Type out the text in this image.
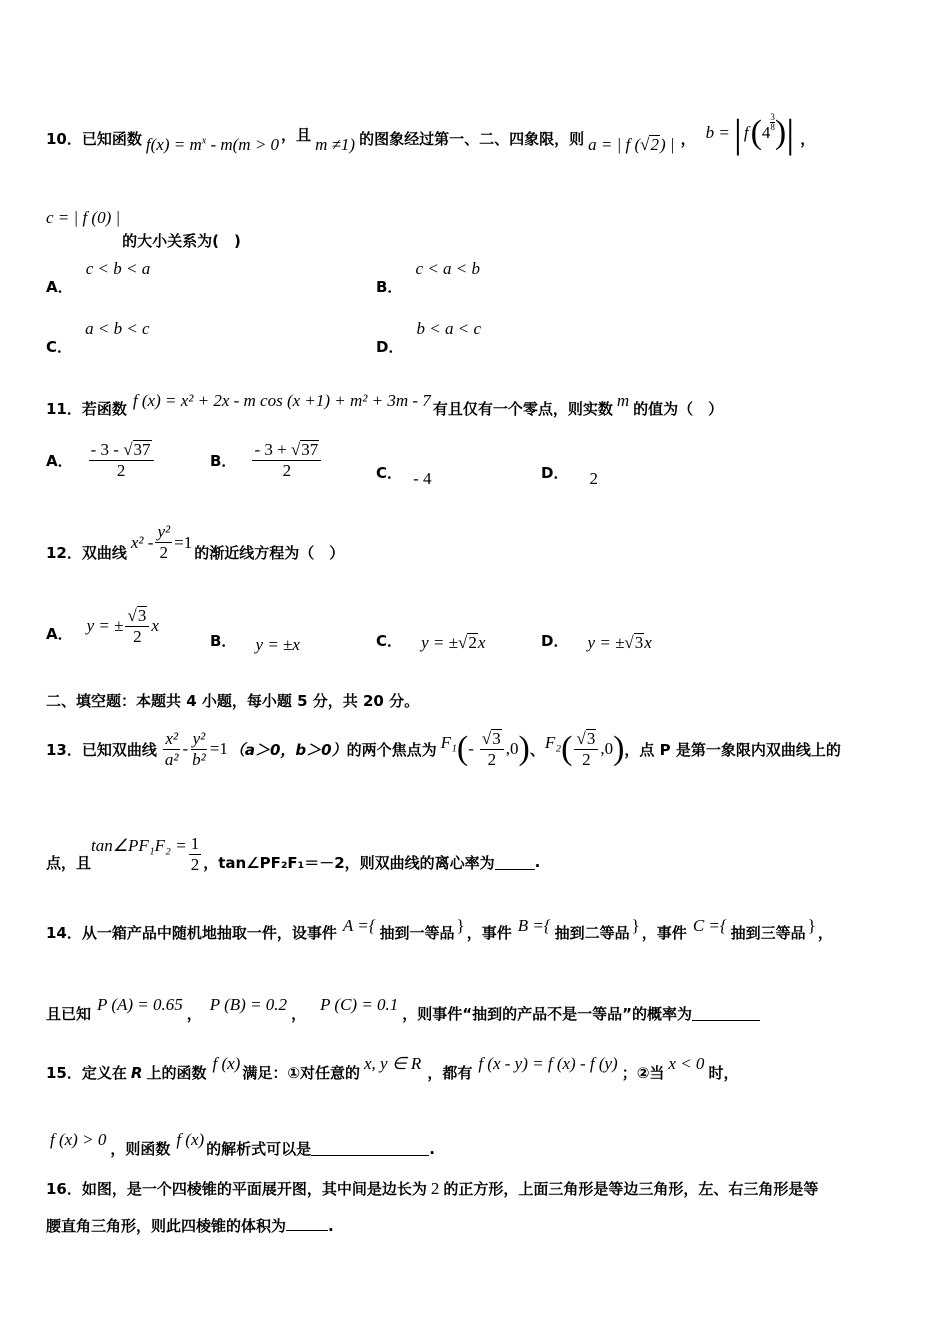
10． 已知函数 $f(x) = m^x - m(m > 0$
，且
m ≠1) 的图象经过第一、二、四象限，则 a = | f (√2) | ， b = | f ( 4
3
8 ) | ，
c = | f (0) |
的大小关系为(　)
A． c < b < a
B． c < a < b
C． a < b < c
D． b < a < c
11． 若函数 f (x) = x² + 2x - m cos (x +1) + m² + 3m - 7 有且仅有一个零点，则实数 m 的值为（　）
A． $\frac{- 3 - √37}{2}$	B． $\frac{- 3 + √37}{2}$	C． - 4	D． 2
12． 双曲线
$x^2 - \frac{\text{y²}}{2} =1$
的渐近线方程为（　）
A． y = ± $\frac{√3}{2}$ x
B． y = ±x	C． y = ±√2x	D． y = ±√3x
二、填空题：本题共 4 小题，每小题 5 分，共 20 分。
13． 已知双曲线 $\frac{\text{x²}}{\text{a²}} - \frac{\text{y²}}{\text{b²}} =1$ （a＞0，b＞0） 的两个焦点为 F₁ ( - $\frac{√3}{2} ,0$ ) 、 F₂ ( $\frac{√3}{2} ,0$ ) ，点 P 是第一象限内双曲线上的
点，且
tan∠PF₁F₂ = $\frac{1}{2}$ ，tan∠PF₂F₁＝－2，则双曲线的离心率为	.
14． 从一箱产品中随机地抽取一件，设事件 A ={ 抽到一等品 } ，事件 B ={ 抽到二等品 } ，事件 C ={ 抽到三等品 } ，
且已知
P (A) = 0.65
，
P (B) = 0.2
，
P (C) = 0.1
，则事件“抽到的产品不是一等品”的概率为
15． 定义在 R 上的函数
f (x)
满足：①对任意的
x, y ∈ R
，都有
f (x - y) = f (x) - f (y)
；②当
x < 0
时，
f (x) > 0
，则函数
f (x)
的解析式可以是	.
16． 如图，是一个四棱锥的平面展开图，其中间是边长为 2 的正方形，上面三角形是等边三角形，左、右三角形是等
腰直角三角形，则此四棱锥的体积为	.
